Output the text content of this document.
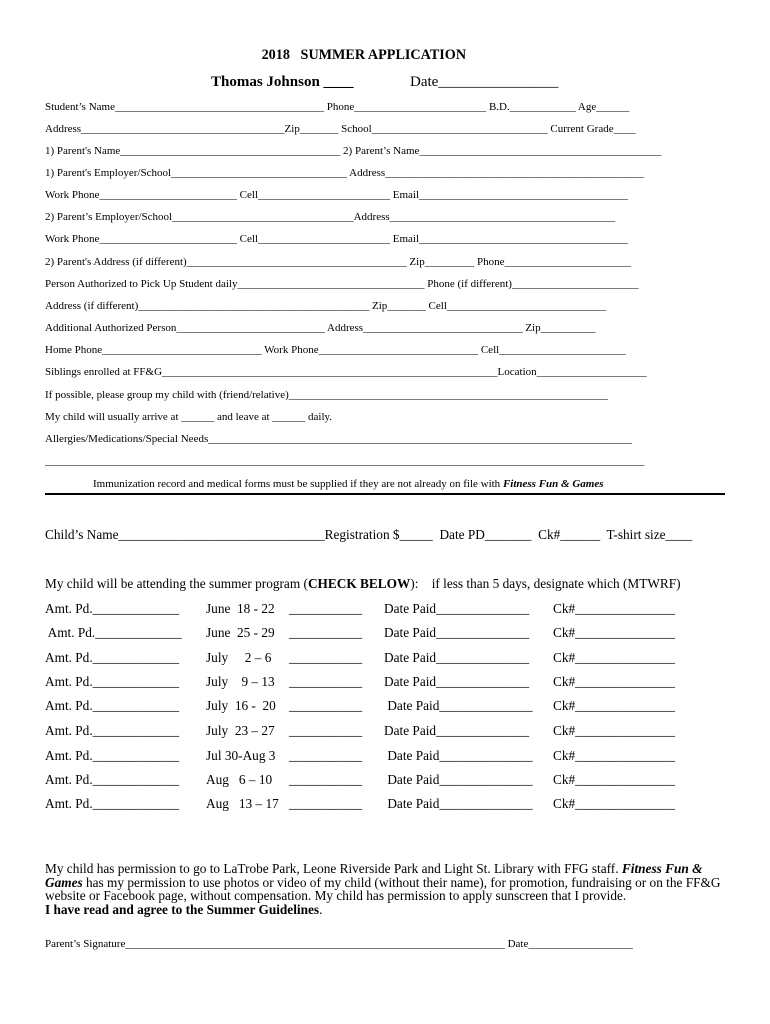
2018   SUMMER APPLICATION
Thomas Johnson ____	Date________________
Student’s Name______________________________________ Phone________________________ B.D.____________ Age______
Address_____________________________________Zip_______ School________________________________ Current Grade____
1) Parent's Name________________________________________ 2) Parent’s Name____________________________________________
1) Parent's Employer/School________________________________ Address_______________________________________________
Work Phone_________________________ Cell________________________ Email______________________________________
2) Parent’s Employer/School_________________________________Address_________________________________________
Work Phone_________________________ Cell________________________ Email______________________________________
2) Parent's Address (if different)________________________________________ Zip_________ Phone_______________________
Person Authorized to Pick Up Student daily__________________________________ Phone (if different)_______________________
Address (if different)__________________________________________ Zip_______ Cell_____________________________
Additional Authorized Person___________________________ Address_____________________________ Zip__________
Home Phone_____________________________ Work Phone_____________________________ Cell_______________________
Siblings enrolled at FF&G_____________________________________________________________Location____________________
If possible, please group my child with (friend/relative)__________________________________________________________
My child will usually arrive at ______ and leave at ______ daily.
Allergies/Medications/Special Needs_____________________________________________________________________________
_____________________________________________________________________________________________________________
Immunization record and medical forms must be supplied if they are not already on file with Fitness Fun & Games
Child’s Name_______________________________Registration $_____  Date PD_______  Ck#______  T-shirt size____
My child will be attending the summer program (CHECK BELOW):    if less than 5 days, designate which (MTWRF)
Amt. Pd._____________ June  18 - 22 ___________ Date Paid______________ Ck#_______________
Amt. Pd._____________ June  25 - 29 ___________ Date Paid______________ Ck#_______________
Amt. Pd._____________ July     2 – 6 ___________ Date Paid______________ Ck#_______________
Amt. Pd._____________ July    9 – 13 ___________ Date Paid______________ Ck#_______________
Amt. Pd._____________ July  16 -  20 ___________ Date Paid______________ Ck#_______________
Amt. Pd._____________ July  23 – 27 ___________ Date Paid______________ Ck#_______________
Amt. Pd._____________ Jul 30-Aug 3 ___________ Date Paid______________ Ck#_______________
Amt. Pd._____________ Aug   6 – 10 ___________ Date Paid______________ Ck#_______________
Amt. Pd._____________ Aug   13 – 17 ___________ Date Paid______________ Ck#_______________
My child has permission to go to LaTrobe Park, Leone Riverside Park and Light St. Library with FFG staff. Fitness Fun & Games has my permission to use photos or video of my child (without their name), for promotion, fundraising or on the FF&G website or Facebook page, without compensation. My child has permission to apply sunscreen that I provide.
I have read and agree to the Summer Guidelines.
Parent’s Signature_____________________________________________________________________ Date___________________
